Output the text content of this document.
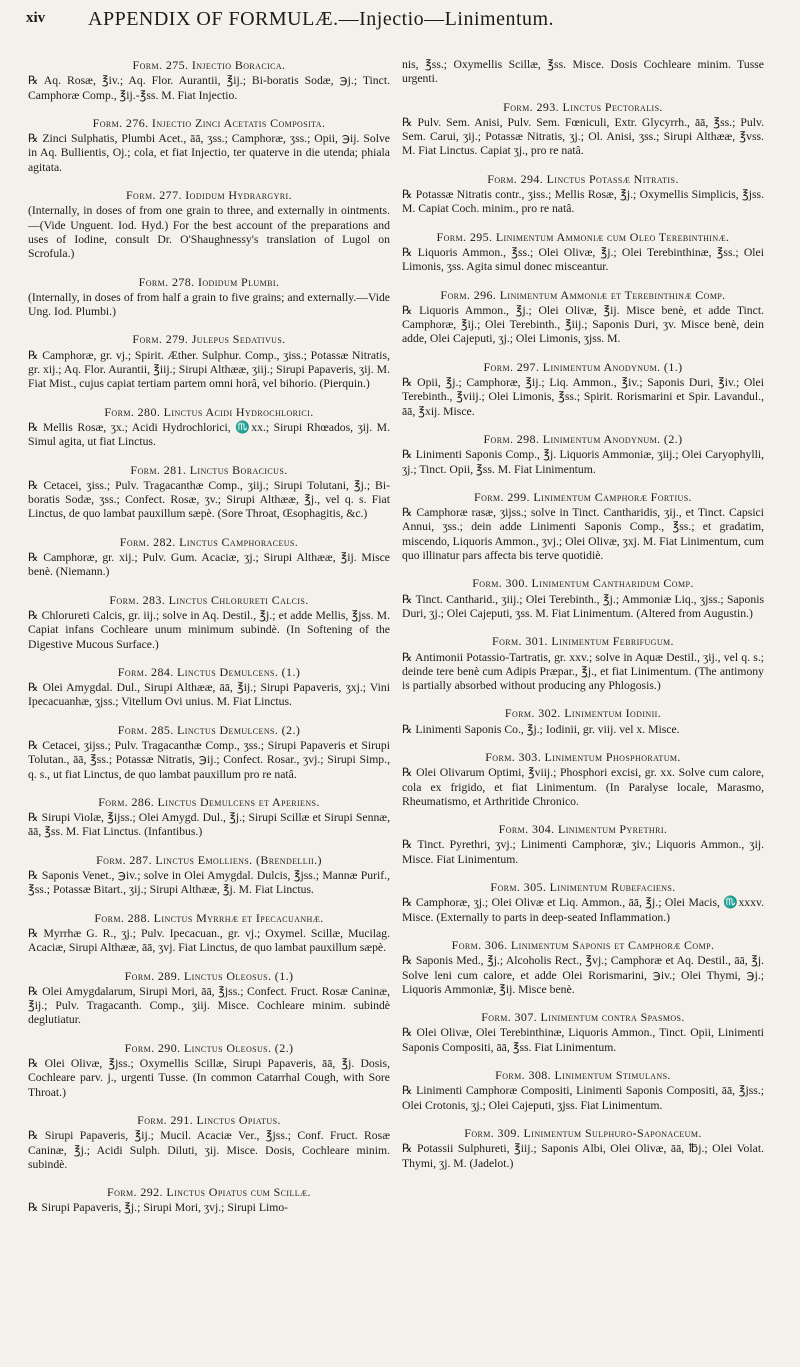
xiv APPENDIX OF FORMULÆ.—Injectio—Linimentum.
Form. 275. Injectio Boracica.
℞ Aq. Rosæ, ℥iv.; Aq. Flor. Aurantii, ℥ij.; Bi-boratis Sodæ, ℈j.; Tinct. Camphoræ Comp., ℥ij.-℥ss. M. Fiat Injectio.
Form. 276. Injectio Zinci Acetatis Composita.
℞ Zinci Sulphatis, Plumbi Acet., āā, ʒss.; Camphoræ, ʒss.; Opii, ℈ij. Solve in Aq. Bullientis, Oj.; cola, et fiat Injectio, ter quaterve in die utenda; phiala agitata.
Form. 277. Iodidum Hydrargyri.
(Internally, in doses of from one grain to three, and externally in ointments.—(Vide Unguent. Iod. Hyd.) For the best account of the preparations and uses of Iodine, consult Dr. O'Shaughnessy's translation of Lugol on Scrofula.)
Form. 278. Iodidum Plumbi.
(Internally, in doses of from half a grain to five grains; and externally.—Vide Ung. Iod. Plumbi.)
Form. 279. Julepus Sedativus.
℞ Camphoræ, gr. vj.; Spirit. Æther. Sulphur. Comp., ʒiss.; Potassæ Nitratis, gr. xij.; Aq. Flor. Aurantii, ℥iij.; Sirupi Althææ, ʒiij.; Sirupi Papaveris, ʒij. M. Fiat Mist., cujus capiat tertiam partem omni horâ, vel bihorio. (Pierquin.)
Form. 280. Linctus Acidi Hydrochlorici.
℞ Mellis Rosæ, ʒx.; Acidi Hydrochlorici, ♏xx.; Sirupi Rhœados, ʒij. M. Simul agita, ut fiat Linctus.
Form. 281. Linctus Boracicus.
℞ Cetacei, ʒiss.; Pulv. Tragacanthæ Comp., ʒiij.; Sirupi Tolutani, ℥j.; Bi-boratis Sodæ, ʒss.; Confect. Rosæ, ʒv.; Sirupi Althææ, ℥j., vel q. s. Fiat Linctus, de quo lambat pauxillum sæpè. (Sore Throat, Œsophagitis, &c.)
Form. 282. Linctus Camphoraceus.
℞ Camphoræ, gr. xij.; Pulv. Gum. Acaciæ, ʒj.; Sirupi Althææ, ℥ij. Misce benè. (Niemann.)
Form. 283. Linctus Chlorureti Calcis.
℞ Chlorureti Calcis, gr. iij.; solve in Aq. Destil., ℥j.; et adde Mellis, ℥jss. M. Capiat infans Cochleare unum minimum subindè. (In Softening of the Digestive Mucous Surface.)
Form. 284. Linctus Demulcens. (1.)
℞ Olei Amygdal. Dul., Sirupi Althææ, āā, ℥ij.; Sirupi Papaveris, ʒxj.; Vini Ipecacuanhæ, ʒjss.; Vitellum Ovi unius. M. Fiat Linctus.
Form. 285. Linctus Demulcens. (2.)
℞ Cetacei, ʒijss.; Pulv. Tragacanthæ Comp., ʒss.; Sirupi Papaveris et Sirupi Tolutan., āā, ℥ss.; Potassæ Nitratis, ℈ij.; Confect. Rosar., ʒvj.; Sirupi Simp., q. s., ut fiat Linctus, de quo lambat pauxillum pro re natâ.
Form. 286. Linctus Demulcens et Aperiens.
℞ Sirupi Violæ, ℥ijss.; Olei Amygd. Dul., ℥j.; Sirupi Scillæ et Sirupi Sennæ, āā, ℥ss. M. Fiat Linctus. (Infantibus.)
Form. 287. Linctus Emolliens. (Brendellii.)
℞ Saponis Venet., ℈iv.; solve in Olei Amygdal. Dulcis, ℥jss.; Mannæ Purif., ℥ss.; Potassæ Bitart., ʒij.; Sirupi Althææ, ℥j. M. Fiat Linctus.
Form. 288. Linctus Myrrhæ et Ipecacuanhæ.
℞ Myrrhæ G. R., ʒj.; Pulv. Ipecacuan., gr. vj.; Oxymel. Scillæ, Mucilag. Acaciæ, Sirupi Althææ, āā, ʒvj. Fiat Linctus, de quo lambat pauxillum sæpè.
Form. 289. Linctus Oleosus. (1.)
℞ Olei Amygdalarum, Sirupi Mori, āā, ℥jss.; Confect. Fruct. Rosæ Caninæ, ℥ij.; Pulv. Tragacanth. Comp., ʒiij. Misce. Cochleare minim. subindè deglutiatur.
Form. 290. Linctus Oleosus. (2.)
℞ Olei Olivæ, ℥jss.; Oxymellis Scillæ, Sirupi Papaveris, āā, ℥j. Dosis, Cochleare parv. j., urgenti Tusse. (In common Catarrhal Cough, with Sore Throat.)
Form. 291. Linctus Opiatus.
℞ Sirupi Papaveris, ℥ij.; Mucil. Acaciæ Ver., ℥jss.; Conf. Fruct. Rosæ Caninæ, ℥j.; Acidi Sulph. Diluti, ʒij. Misce. Dosis, Cochleare minim. subindè.
Form. 292. Linctus Opiatus cum Scillæ.
℞ Sirupi Papaveris, ℥j.; Sirupi Mori, ʒvj.; Sirupi Limo-
nis, ℥ss.; Oxymellis Scillæ, ℥ss. Misce. Dosis Cochleare minim. Tusse urgenti.
Form. 293. Linctus Pectoralis.
℞ Pulv. Sem. Anisi, Pulv. Sem. Fœniculi, Extr. Glycyrrh., āā, ℥ss.; Pulv. Sem. Carui, ʒij.; Potassæ Nitratis, ʒj.; Ol. Anisi, ʒss.; Sirupi Althææ, ℥vss. M. Fiat Linctus. Capiat ʒj., pro re natâ.
Form. 294. Linctus Potassæ Nitratis.
℞ Potassæ Nitratis contr., ʒiss.; Mellis Rosæ, ℥j.; Oxymellis Simplicis, ℥jss. M. Capiat Coch. minim., pro re natâ.
Form. 295. Linimentum Ammoniæ cum Oleo Terebinthinæ.
℞ Liquoris Ammon., ℥ss.; Olei Olivæ, ℥j.; Olei Terebinthinæ, ℥ss.; Olei Limonis, ʒss. Agita simul donec misceantur.
Form. 296. Linimentum Ammoniæ et Terebinthinæ Comp.
℞ Liquoris Ammon., ℥j.; Olei Olivæ, ℥ij. Misce benè, et adde Tinct. Camphoræ, ℥ij.; Olei Terebinth., ℥iij.; Saponis Duri, ʒv. Misce benè, dein adde, Olei Cajeputi, ʒj.; Olei Limonis, ʒjss. M.
Form. 297. Linimentum Anodynum. (1.)
℞ Opii, ℥j.; Camphoræ, ℥ij.; Liq. Ammon., ℥iv.; Saponis Duri, ℥iv.; Olei Terebinth., ℥viij.; Olei Limonis, ℥ss.; Spirit. Rorismarini et Spir. Lavandul., āā, ℥xij. Misce.
Form. 298. Linimentum Anodynum. (2.)
℞ Linimenti Saponis Comp., ℥j. Liquoris Ammoniæ, ʒiij.; Olei Caryophylli, ʒj.; Tinct. Opii, ℥ss. M. Fiat Linimentum.
Form. 299. Linimentum Camphoræ Fortius.
℞ Camphoræ rasæ, ʒijss.; solve in Tinct. Cantharidis, ʒij., et Tinct. Capsici Annui, ʒss.; dein adde Linimenti Saponis Comp., ℥ss.; et gradatim, miscendo, Liquoris Ammon., ʒvj.; Olei Olivæ, ʒxj. M. Fiat Linimentum, cum quo illinatur pars affecta bis terve quotidiè.
Form. 300. Linimentum Cantharidum Comp.
℞ Tinct. Cantharid., ʒiij.; Olei Terebinth., ℥j.; Ammoniæ Liq., ʒjss.; Saponis Duri, ʒj.; Olei Cajeputi, ʒss. M. Fiat Linimentum. (Altered from Augustin.)
Form. 301. Linimentum Febrifugum.
℞ Antimonii Potassio-Tartratis, gr. xxv.; solve in Aquæ Destil., ʒij., vel q. s.; deinde tere benè cum Adipis Præpar., ℥j., et fiat Linimentum. (The antimony is partially absorbed without producing any Phlogosis.)
Form. 302. Linimentum Iodinii.
℞ Linimenti Saponis Co., ℥j.; Iodinii, gr. viij. vel x. Misce.
Form. 303. Linimentum Phosphoratum.
℞ Olei Olivarum Optimi, ℥viij.; Phosphori excisi, gr. xx. Solve cum calore, cola ex frigido, et fiat Linimentum. (In Paralyse locale, Marasmo, Rheumatismo, et Arthritide Chronico.
Form. 304. Linimentum Pyrethri.
℞ Tinct. Pyrethri, ʒvj.; Linimenti Camphoræ, ʒiv.; Liquoris Ammon., ʒij. Misce. Fiat Linimentum.
Form. 305. Linimentum Rubefaciens.
℞ Camphoræ, ʒj.; Olei Olivæ et Liq. Ammon., āā, ℥j.; Olei Macis, ♏xxxv. Misce. (Externally to parts in deep-seated Inflammation.)
Form. 306. Linimentum Saponis et Camphoræ Comp.
℞ Saponis Med., ℥j.; Alcoholis Rect., ℥vj.; Camphoræ et Aq. Destil., āā, ℥j. Solve leni cum calore, et adde Olei Rorismarini, ℈iv.; Olei Thymi, ℈j.; Liquoris Ammoniæ, ℥ij. Misce benè.
Form. 307. Linimentum contra Spasmos.
℞ Olei Olivæ, Olei Terebinthinæ, Liquoris Ammon., Tinct. Opii, Linimenti Saponis Compositi, āā, ℥ss. Fiat Linimentum.
Form. 308. Linimentum Stimulans.
℞ Linimenti Camphoræ Compositi, Linimenti Saponis Compositi, āā, ℥jss.; Olei Crotonis, ʒj.; Olei Cajeputi, ʒjss. Fiat Linimentum.
Form. 309. Linimentum Sulphuro-Saponaceum.
℞ Potassii Sulphureti, ℥iij.; Saponis Albi, Olei Olivæ, āā, ℔j.; Olei Volat. Thymi, ʒj. M. (Jadelot.)
